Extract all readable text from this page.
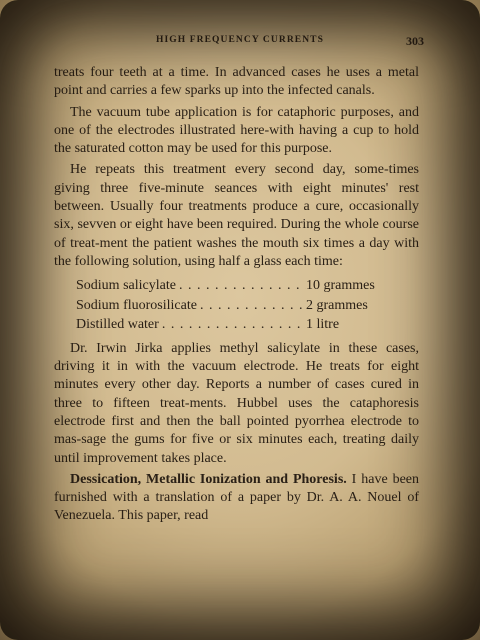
HIGH FREQUENCY CURRENTS	303

treats four teeth at a time. In advanced cases he uses a metal point and carries a few sparks up into the infected canals.

The vacuum tube application is for cataphoric purposes, and one of the electrodes illustrated here-with having a cup to hold the saturated cotton may be used for this purpose.

He repeats this treatment every second day, some-times giving three five-minute seances with eight minutes' rest between. Usually four treatments produce a cure, occasionally six, sevven or eight have been required. During the whole course of treat-ment the patient washes the mouth six times a day with the following solution, using half a glass each time:

Sodium salicylate . . .	10 grammes
Sodium fluorosilicate . . .	2 grammes
Distilled water . . .	1 litre

Dr. Irwin Jirka applies methyl salicylate in these cases, driving it in with the vacuum electrode. He treats for eight minutes every other day. Reports a number of cases cured in three to fifteen treat-ments. Hubbel uses the cataphoresis electrode first and then the ball pointed pyorrhea electrode to mas-sage the gums for five or six minutes each, treating daily until improvement takes place.

Dessication, Metallic Ionization and Phoresis. I have been furnished with a translation of a paper by Dr. A. A. Nouel of Venezuela. This paper, read
